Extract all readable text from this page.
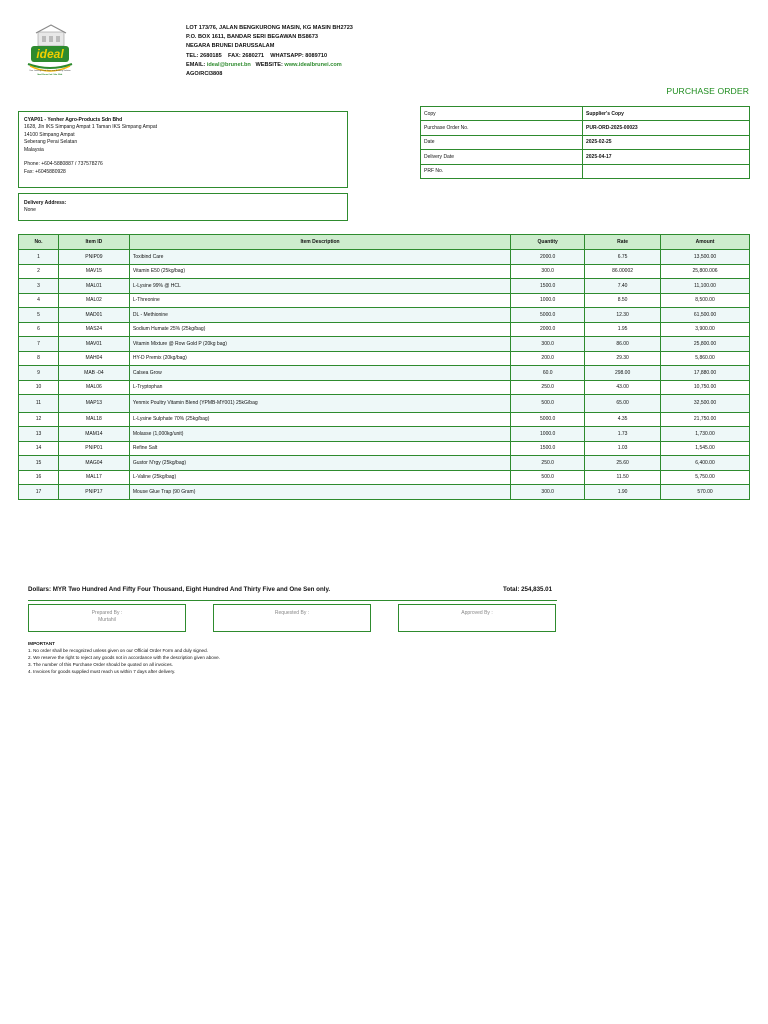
ideal
Your Leading Feed Store and Building Solution
Ideal Brunei Ind. Sdn. Bhd.
LOT 173/76, JALAN BENGKURONG MASIN, KG MASIN BH2723
P.O. BOX 1611, BANDAR SERI BEGAWAN BS8673
NEGARA BRUNEI DARUSSALAM
TEL: 2680185    FAX: 2680271    WHATSAPP: 8089710
EMAIL: ideal@brunet.bn WEBSITE: www.idealbrunei.com
AGO/RCI3808
PURCHASE ORDER
CYAP01 - Yenher Agro-Products Sdn Bhd
1628, Jln IKS Simpang Ampat 1 Taman IKS Simpang Ampat
14100 Simpang Ampat
Seberang Perai Selatan
Malaysia
Phone: +604-5880887 / 737578276
Fax: +6045880928
Delivery Address:
None
Copy	Supplier's Copy
Purchase Order No.	PUR-ORD-2025-00023
Date	2025-02-25
Delivery Date	2025-04-17
PRF No.	
No.	Item ID	Item Description	Quantity	Rate	Amount
1	PNIP09	Toxibind Care	2000.0	6.75	13,500.00
2	MAV15	Vitamin E50 (25kg/bag)	300.0	86.00002	25,800.006
3	MAL01	L-Lysine 99% @ HCL	1500.0	7.40	11,100.00
4	MAL02	L-Threonine	1000.0	8.50	8,500.00
5	MAD01	DL - Methionine	5000.0	12.30	61,500.00
6	MAS24	Sodium Humate 25% (25kg/bag)	2000.0	1.95	3,900.00
7	MAV01	Vitamin Mixture @ Row Gold P (20kg bag)	300.0	86.00	25,800.00
8	MAH04	HY-D Premix (20kg/bag)	200.0	29.30	5,860.00
9	MAB -04	Calsea Grow	60.0	298.00	17,880.00
10	MAL06	L-Tryptophan	250.0	43.00	10,750.00
11	MAP13	Yenmix Poultry Vitamin Blend (YPMB-MY001) 25kG/bag	500.0	65.00	32,500.00
12	MAL18	L-Lysine Sulphate 70% (25kg/bag)	5000.0	4.35	21,750.00
13	MAM14	Molasse (1,000kg/unit)	1000.0	1.73	1,730.00
14	PNIP01	Refine Salt	1500.0	1.03	1,545.00
15	MAG04	Gustor N'rgy (25kg/bag)	250.0	25.60	6,400.00
16	MAL17	L-Valine (25kg/bag)	500.0	11.50	5,750.00
17	PNIP17	Mouse Glue Trap (90 Gram)	300.0	1.90	570.00
Dollars: MYR Two Hundred And Fifty Four Thousand, Eight Hundred And Thirty Five and One Sen only.	Total: 254,835.01
Prepared By :
Murtahil
Requested By :	Approved By :
IMPORTANT
1. No order shall be recognized unless given on our Official Order Form and duly signed.
2. We reserve the right to reject any goods not in accordance with the description given above.
3. The number of this Purchase Order should be quoted on all invoices.
4. Invoices for goods supplied must reach us within 7 days after delivery.
